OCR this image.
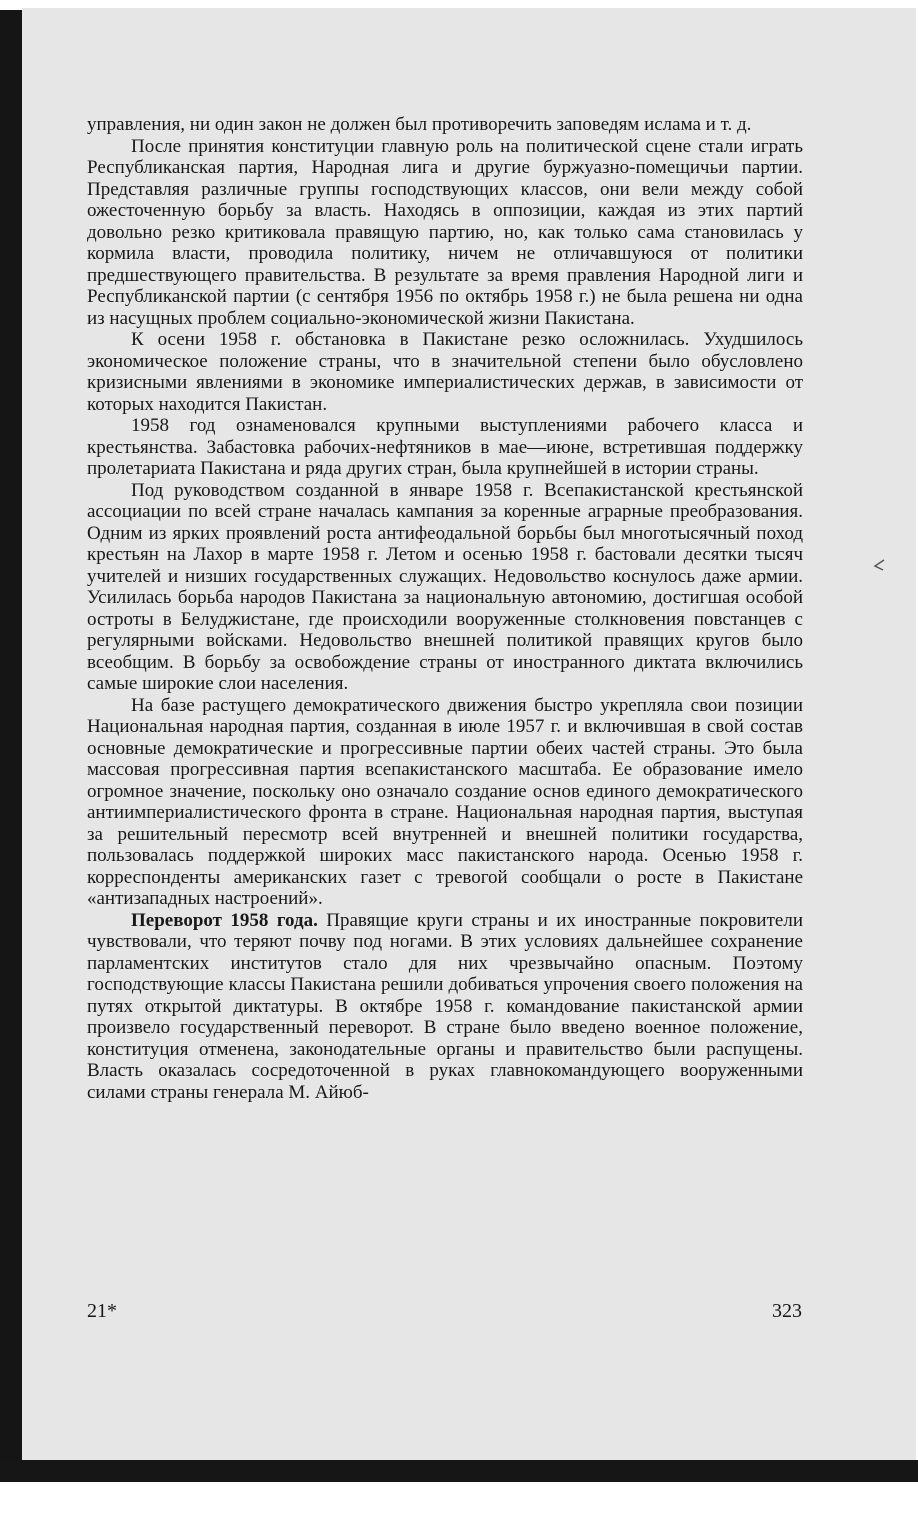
управления, ни один закон не должен был противоречить заповедям ислама и т. д.

После принятия конституции главную роль на политической сцене стали играть Республиканская партия, Народная лига и другие буржуазно-помещичьи партии. Представляя различные группы господствующих классов, они вели между собой ожесточенную борьбу за власть. Находясь в оппозиции, каждая из этих партий довольно резко критиковала правящую партию, но, как только сама становилась у кормила власти, проводила политику, ничем не отличавшуюся от политики предшествующего правительства. В результате за время правления Народной лиги и Республиканской партии (с сентября 1956 по октябрь 1958 г.) не была решена ни одна из насущных проблем социально-экономической жизни Пакистана.

К осени 1958 г. обстановка в Пакистане резко осложнилась. Ухудшилось экономическое положение страны, что в значительной степени было обусловлено кризисными явлениями в экономике империалистических держав, в зависимости от которых находится Пакистан.

1958 год ознаменовался крупными выступлениями рабочего класса и крестьянства. Забастовка рабочих-нефтяников в мае—июне, встретившая поддержку пролетариата Пакистана и ряда других стран, была крупнейшей в истории страны.

Под руководством созданной в январе 1958 г. Всепакистанской крестьянской ассоциации по всей стране началась кампания за коренные аграрные преобразования. Одним из ярких проявлений роста антифеодальной борьбы был многотысячный поход крестьян на Лахор в марте 1958 г. Летом и осенью 1958 г. бастовали десятки тысяч учителей и низших государственных служащих. Недовольство коснулось даже армии. Усилилась борьба народов Пакистана за национальную автономию, достигшая особой остроты в Белуджистане, где происходили вооруженные столкновения повстанцев с регулярными войсками. Недовольство внешней политикой правящих кругов было всеобщим. В борьбу за освобождение страны от иностранного диктата включились самые широкие слои населения.

На базе растущего демократического движения быстро укрепляла свои позиции Национальная народная партия, созданная в июле 1957 г. и включившая в свой состав основные демократические и прогрессивные партии обеих частей страны. Это была массовая прогрессивная партия всепакистанского масштаба. Ее образование имело огромное значение, поскольку оно означало создание основ единого демократического антиимпериалистического фронта в стране. Национальная народная партия, выступая за решительный пересмотр всей внутренней и внешней политики государства, пользовалась поддержкой широких масс пакистанского народа. Осенью 1958 г. корреспонденты американских газет с тревогой сообщали о росте в Пакистане «антизападных настроений».

Переворот 1958 года. Правящие круги страны и их иностранные покровители чувствовали, что теряют почву под ногами. В этих условиях дальнейшее сохранение парламентских институтов стало для них чрезвычайно опасным. Поэтому господствующие классы Пакистана решили добиваться упрочения своего положения на путях открытой диктатуры. В октябре 1958 г. командование пакистанской армии произвело государственный переворот. В стране было введено военное положение, конституция отменена, законодательные органы и правительство были распущены. Власть оказалась сосредоточенной в руках главнокомандующего вооруженными силами страны генерала М. Айюб-

21*	323
